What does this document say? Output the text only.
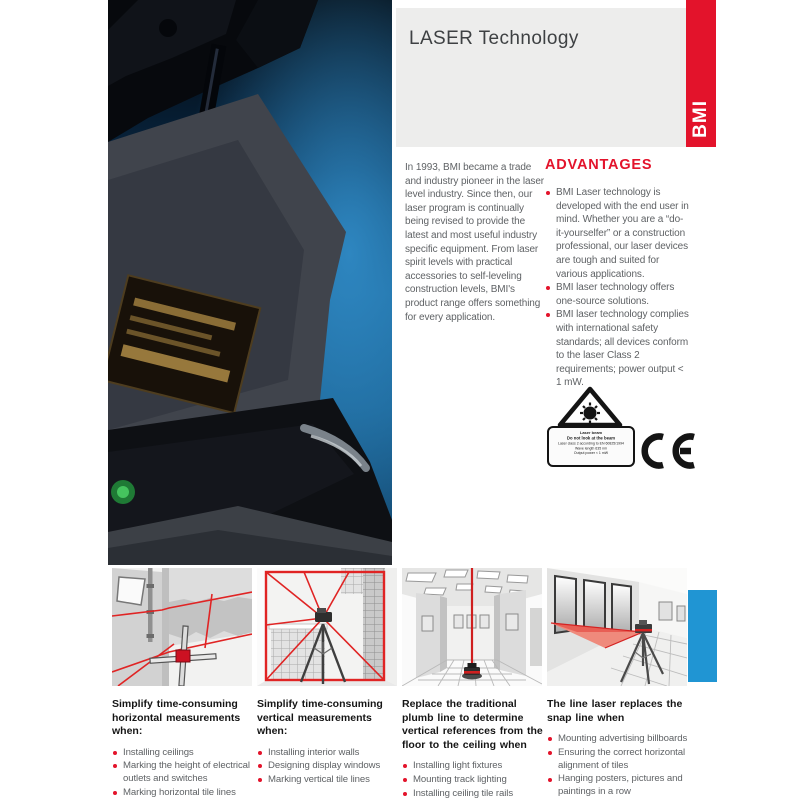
LASER Technology
BMI
In 1993, BMI became a trade and industry pioneer in the laser level industry. Since then, our laser program is continually being revised to provide the latest and most useful industry specific equipment. From laser spirit levels with practical accessories to self-leveling construction levels, BMI's product range offers something for every application.
ADVANTAGES
BMI Laser technology is developed with the end user in mind. Whether you are a “do-it-yourselfer” or a construction professional, our laser devices are tough and suited for various applications.
BMI laser technology offers one-source solutions.
BMI laser technology complies with international safety standards; all devices conform to the laser Class 2 requirements; power output < 1 mW.
Laser beam
Do not look at the beam
Laser class 2 according to EN 60825/1994
Wave length 635 nm
Output power < 1 mW
Simplify time-consuming horizontal measurements when:
Installing ceilings
Marking the height of electrical outlets and switches
Marking horizontal tile lines
Simplify time-consuming vertical measurements when:
Installing interior walls
Designing display windows
Marking vertical tile lines
Replace the traditional plumb line to determine vertical references from the floor to the ceiling when
Installing light fixtures
Mounting track lighting
Installing ceiling tile rails
The line laser replaces the snap line when
Mounting advertising billboards
Ensuring the correct horizontal alignment of tiles
Hanging posters, pictures and paintings in a row
